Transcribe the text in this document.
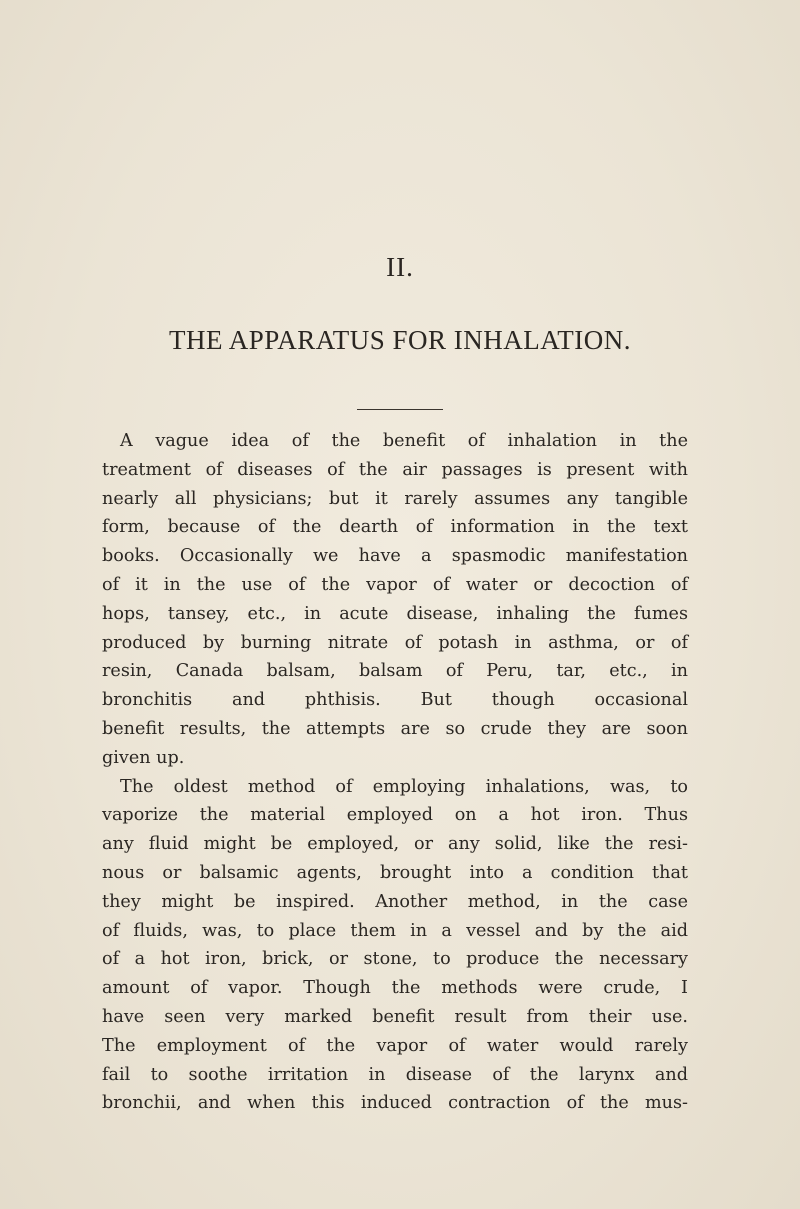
II.
THE APPARATUS FOR INHALATION.
A vague idea of the benefit of inhalation in the
treatment of diseases of the air passages is present with
nearly all physicians; but it rarely assumes any tangible
form, because of the dearth of information in the text
books. Occasionally we have a spasmodic manifestation
of it in the use of the vapor of water or decoction of
hops, tansey, etc., in acute disease, inhaling the fumes
produced by burning nitrate of potash in asthma, or of
resin, Canada balsam, balsam of Peru, tar, etc., in
bronchitis and phthisis. But though occasional
benefit results, the attempts are so crude they are soon
given up.
The oldest method of employing inhalations, was, to
vaporize the material employed on a hot iron. Thus
any fluid might be employed, or any solid, like the resi-
nous or balsamic agents, brought into a condition that
they might be inspired. Another method, in the case
of fluids, was, to place them in a vessel and by the aid
of a hot iron, brick, or stone, to produce the necessary
amount of vapor. Though the methods were crude, I
have seen very marked benefit result from their use.
The employment of the vapor of water would rarely
fail to soothe irritation in disease of the larynx and
bronchii, and when this induced contraction of the mus-
